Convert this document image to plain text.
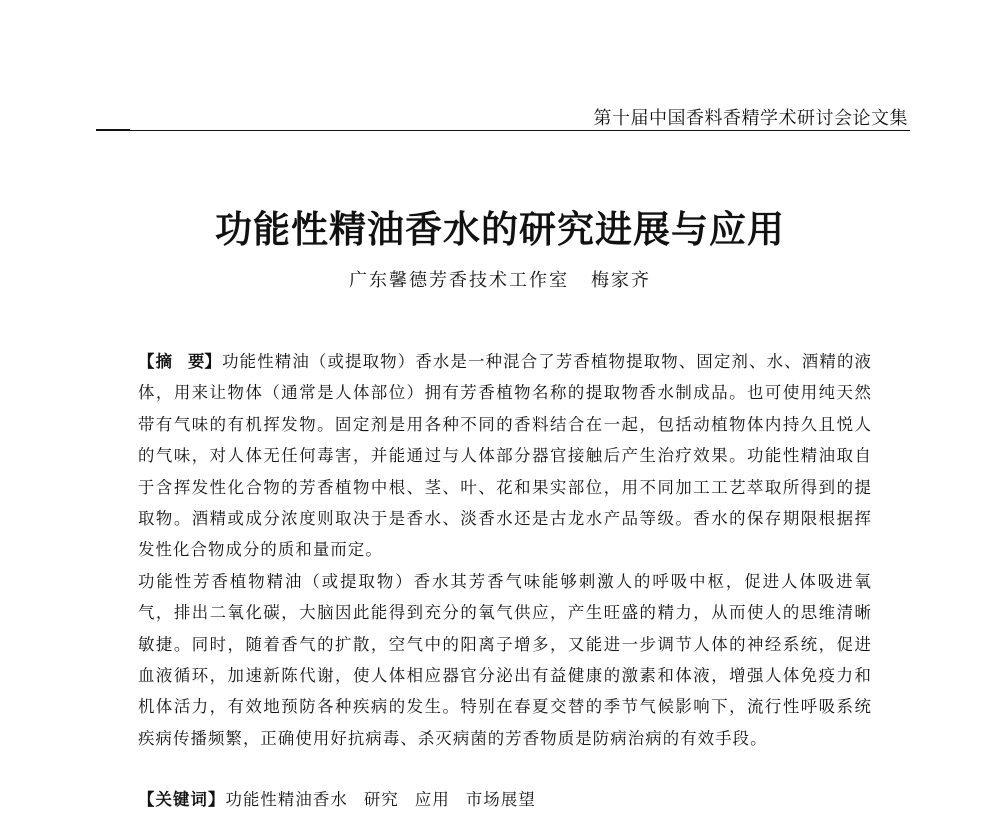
第十届中国香料香精学术研讨会论文集
功能性精油香水的研究进展与应用
广东馨德芳香技术工作室 梅家齐

【摘要】功能性精油（或提取物）香水是一种混合了芳香植物提取物、固定剂、水、酒精的液体，用来让物体（通常是人体部位）拥有芳香植物名称的提取物香水制成品。也可使用纯天然带有气味的有机挥发物。固定剂是用各种不同的香料结合在一起，包括动植物体内持久且悦人的气味，对人体无任何毒害，并能通过与人体部分器官接触后产生治疗效果。功能性精油取自于含挥发性化合物的芳香植物中根、茎、叶、花和果实部位，用不同加工工艺萃取所得到的提取物。酒精或成分浓度则取决于是香水、淡香水还是古龙水产品等级。香水的保存期限根据挥发性化合物成分的质和量而定。

功能性芳香植物精油（或提取物）香水其芳香气味能够刺激人的呼吸中枢，促进人体吸进氧气，排出二氧化碳，大脑因此能得到充分的氧气供应，产生旺盛的精力，从而使人的思维清晰敏捷。同时，随着香气的扩散，空气中的阳离子增多，又能进一步调节人体的神经系统，促进血液循环，加速新陈代谢，使人体相应器官分泌出有益健康的激素和体液，增强人体免疫力和机体活力，有效地预防各种疾病的发生。特别在春夏交替的季节气候影响下，流行性呼吸系统疾病传播频繁，正确使用好抗病毒、杀灭病菌的芳香物质是防病治病的有效手段。

【关键词】功能性精油香水 研究 应用 市场展望
